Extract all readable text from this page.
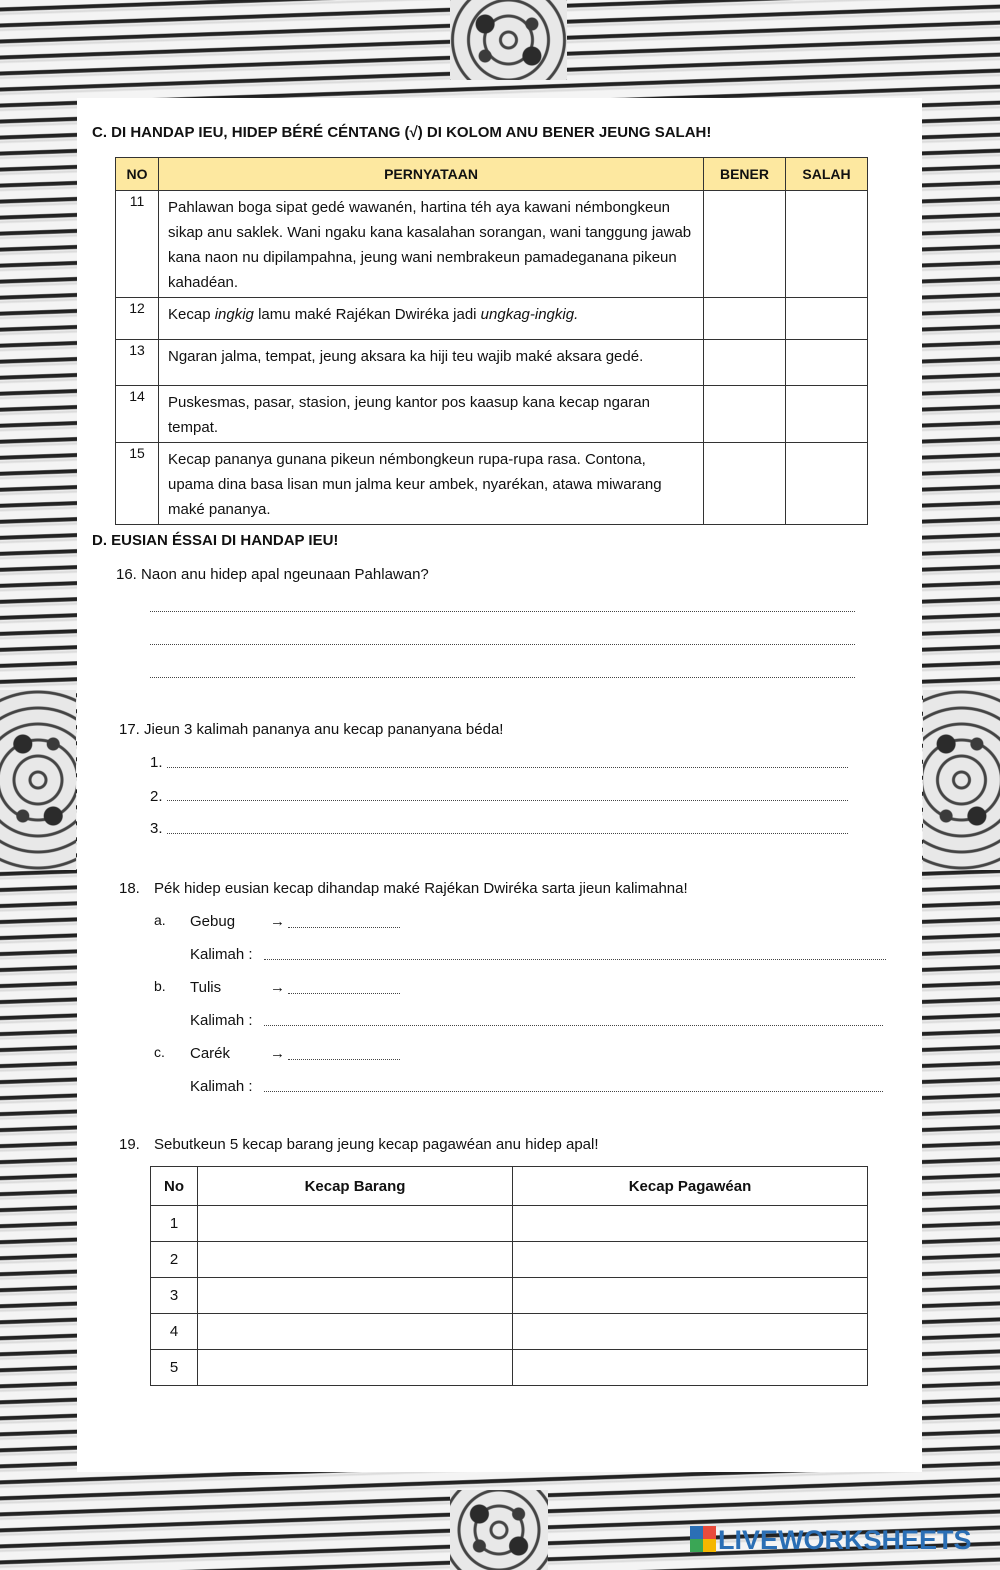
C. DI HANDAP IEU, HIDEP BÉRÉ CÉNTANG (√) DI KOLOM ANU BENER JEUNG SALAH!
NO	PERNYATAAN	BENER	SALAH
11	Pahlawan boga sipat gedé wawanén, hartina téh aya kawani némbongkeun sikap anu saklek. Wani ngaku kana kasalahan sorangan, wani tanggung jawab kana naon nu dipilampahna, jeung wani nembrakeun pamadeganana pikeun kahadéan.		
12	Kecap ingkig lamu maké Rajékan Dwiréka jadi ungkag-ingkig.		
13	Ngaran jalma, tempat, jeung aksara ka hiji teu wajib maké aksara gedé.		
14	Puskesmas, pasar, stasion, jeung kantor pos kaasup kana kecap ngaran tempat.		
15	Kecap pananya gunana pikeun némbongkeun rupa-rupa rasa. Contona, upama dina basa lisan mun jalma keur ambek, nyarékan, atawa miwarang maké pananya.		
D. EUSIAN ÉSSAI DI HANDAP IEU!
16. Naon anu hidep apal ngeunaan Pahlawan?
17. Jieun 3 kalimah pananya anu kecap pananyana béda!
1.
2.
3.
18. Pék hidep eusian kecap dihandap maké Rajékan Dwiréka sarta jieun kalimahna!
a. Gebug →
Kalimah :
b. Tulis	→
Kalimah :
c. Carék	→
Kalimah :
19. Sebutkeun 5 kecap barang jeung kecap pagawéan anu hidep apal!
No	Kecap Barang	Kecap Pagawéan
1		
2		
3		
4		
5		
LIVEWORKSHEETS
